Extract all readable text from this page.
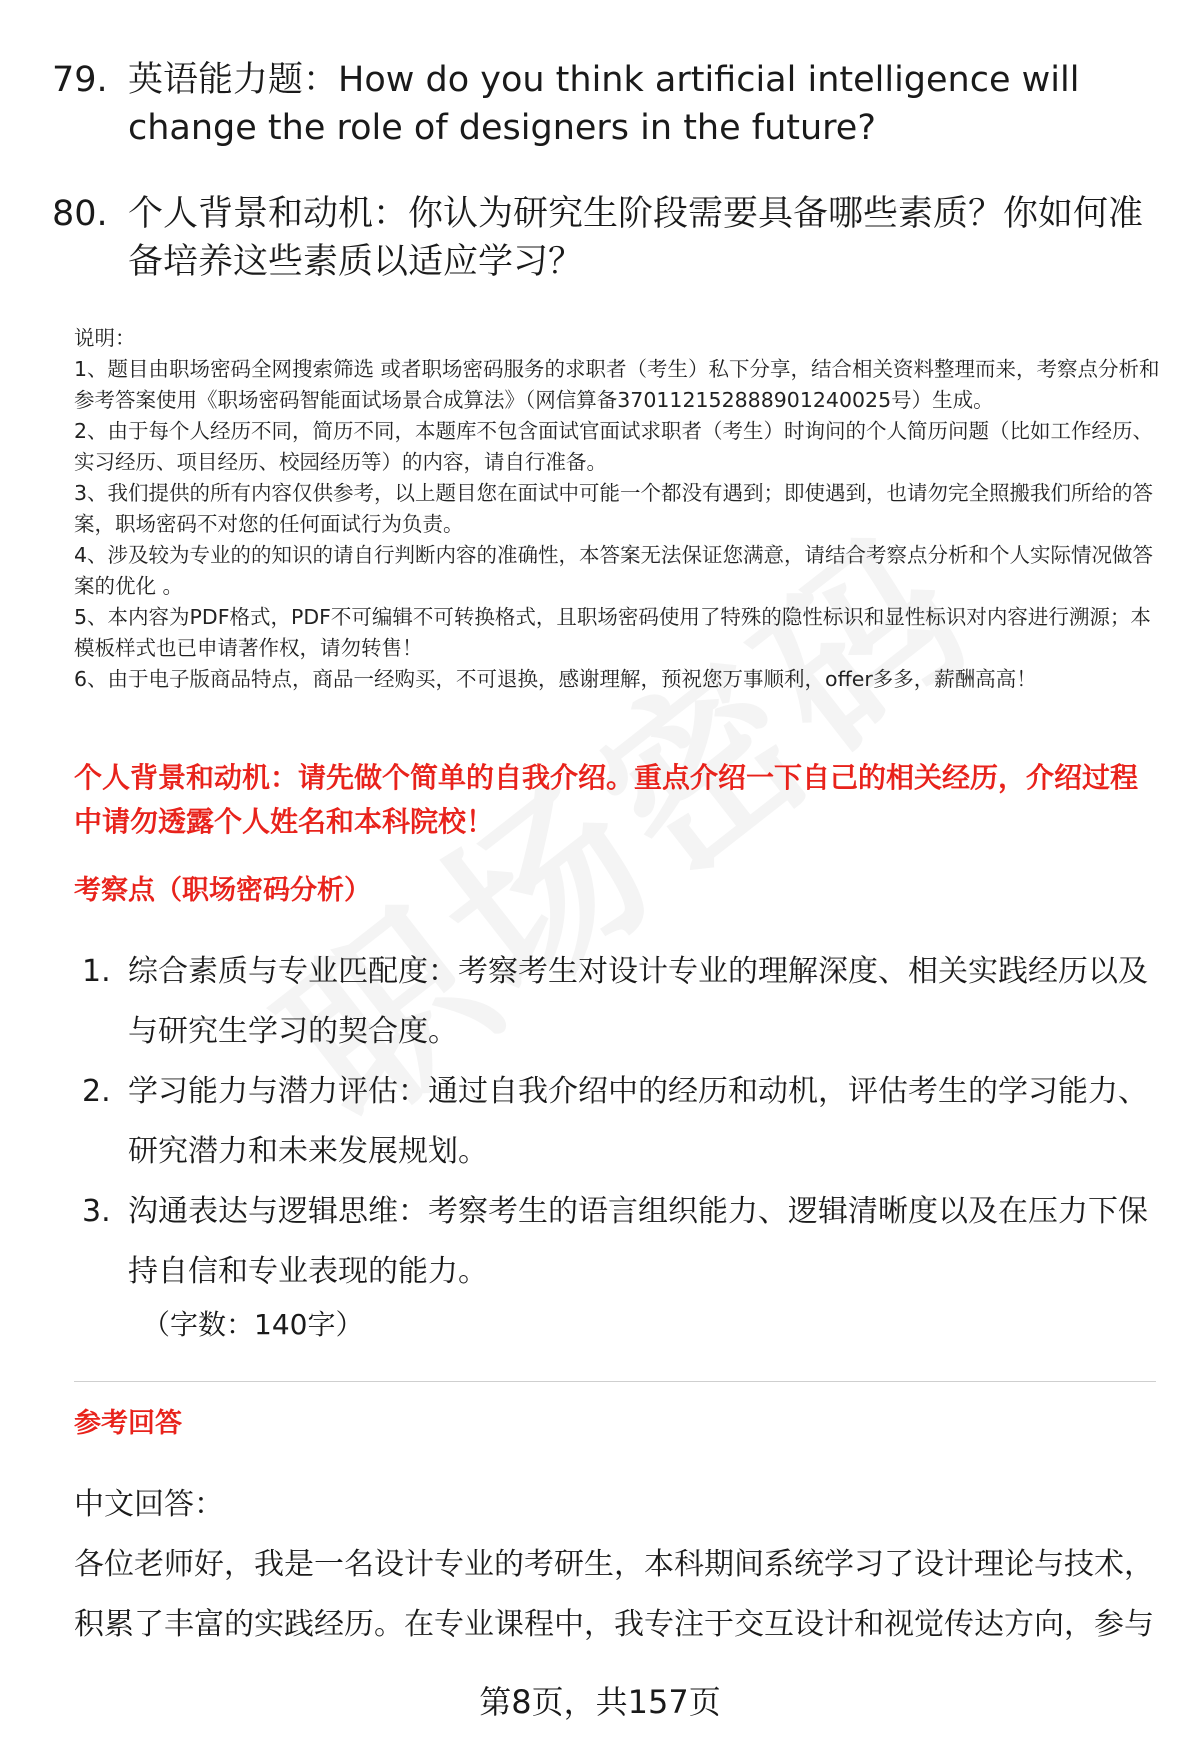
79. 英语能力题：How do you think artificial intelligence will change the role of designers in the future?
80. 个人背景和动机：你认为研究生阶段需要具备哪些素质？你如何准备培养这些素质以适应学习？

说明：

1、题目由职场密码全网搜索筛选 或者职场密码服务的求职者（考生）私下分享，结合相关资料整理而来，考察点分析和参考答案使用《职场密码智能面试场景合成算法》（网信算备370112152888901240025号）生成。

2、由于每个人经历不同，简历不同，本题库不包含面试官面试求职者（考生）时询问的个人简历问题（比如工作经历、实习经历、项目经历、校园经历等）的内容，请自行准备。

3、我们提供的所有内容仅供参考，以上题目您在面试中可能一个都没有遇到；即使遇到，也请勿完全照搬我们所给的答案，职场密码不对您的任何面试行为负责。

4、涉及较为专业的的知识的请自行判断内容的准确性，本答案无法保证您满意，请结合考察点分析和个人实际情况做答案的优化 。

5、本内容为PDF格式，PDF不可编辑不可转换格式，且职场密码使用了特殊的隐性标识和显性标识对内容进行溯源；本模板样式也已申请著作权，请勿转售！

6、由于电子版商品特点，商品一经购买，不可退换，感谢理解，预祝您万事顺利，offer多多，薪酬高高！

个人背景和动机：请先做个简单的自我介绍。重点介绍一下自己的相关经历，介绍过程中请勿透露个人姓名和本科院校！
考察点（职场密码分析）
1. 综合素质与专业匹配度：考察考生对设计专业的理解深度、相关实践经历以及与研究生学习的契合度。
2. 学习能力与潜力评估：通过自我介绍中的经历和动机，评估考生的学习能力、研究潜力和未来发展规划。
3. 沟通表达与逻辑思维：考察考生的语言组织能力、逻辑清晰度以及在压力下保持自信和专业表现的能力。
（字数：140字）
参考回答

中文回答：

各位老师好，我是一名设计专业的考研生，本科期间系统学习了设计理论与技术，积累了丰富的实践经历。在专业课程中，我专注于交互设计和视觉传达方向，参与

第8页，共157页
